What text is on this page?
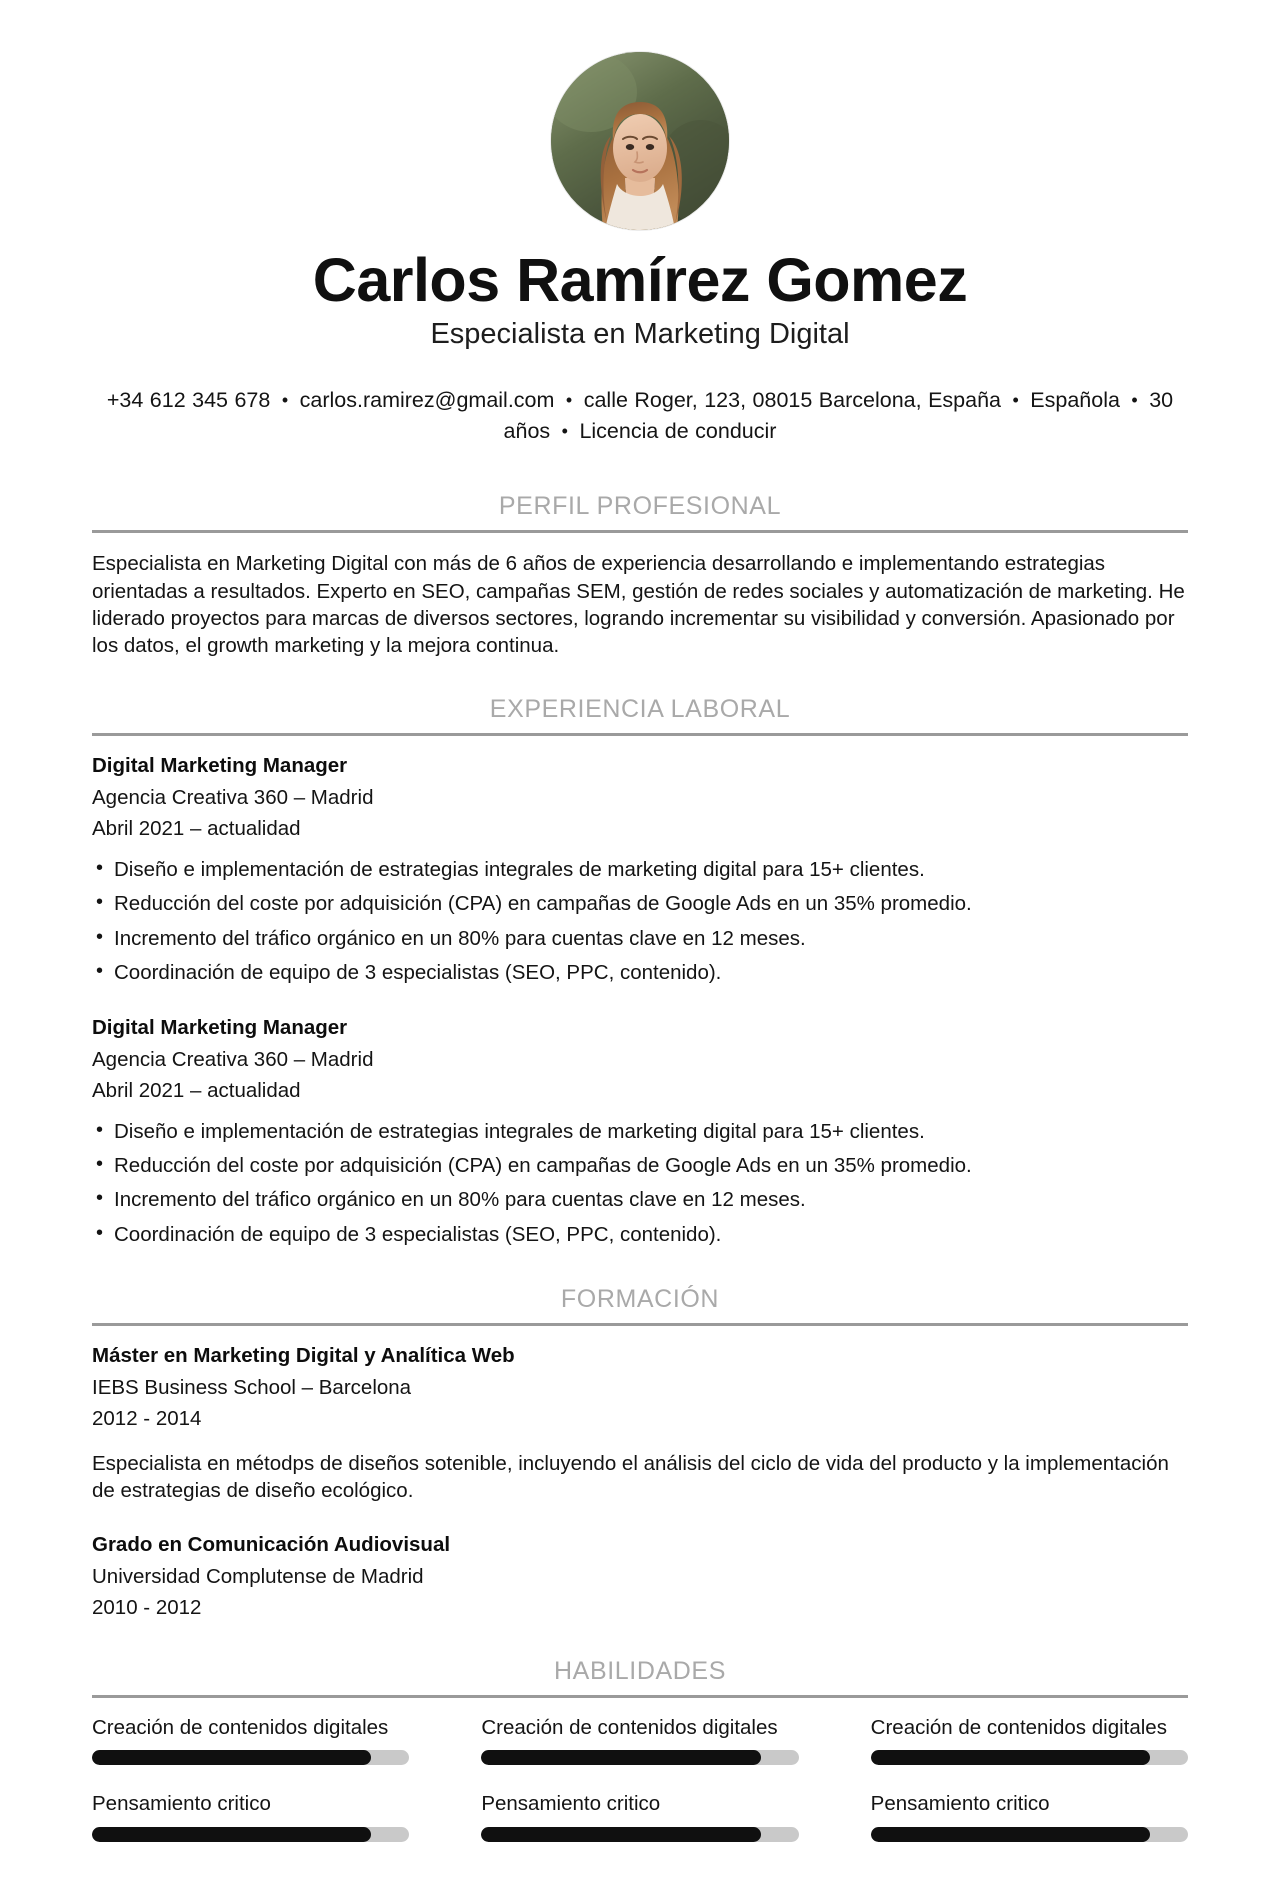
Carlos Ramírez Gomez
Especialista en Marketing Digital
+34 612 345 678 • carlos.ramirez@gmail.com • calle Roger, 123, 08015 Barcelona, España • Española • 30 años • Licencia de conducir
PERFIL PROFESIONAL

Especialista en Marketing Digital con más de 6 años de experiencia desarrollando e implementando estrategias orientadas a resultados. Experto en SEO, campañas SEM, gestión de redes sociales y automatización de marketing. He liderado proyectos para marcas de diversos sectores, logrando incrementar su visibilidad y conversión. Apasionado por los datos, el growth marketing y la mejora continua.

EXPERIENCIA LABORAL
Digital Marketing Manager
Agencia Creativa 360 – Madrid
Abril 2021 – actualidad
• Diseño e implementación de estrategias integrales de marketing digital para 15+ clientes.
• Reducción del coste por adquisición (CPA) en campañas de Google Ads en un 35% promedio.
• Incremento del tráfico orgánico en un 80% para cuentas clave en 12 meses.
• Coordinación de equipo de 3 especialistas (SEO, PPC, contenido).
Digital Marketing Manager
Agencia Creativa 360 – Madrid
Abril 2021 – actualidad
• Diseño e implementación de estrategias integrales de marketing digital para 15+ clientes.
• Reducción del coste por adquisición (CPA) en campañas de Google Ads en un 35% promedio.
• Incremento del tráfico orgánico en un 80% para cuentas clave en 12 meses.
• Coordinación de equipo de 3 especialistas (SEO, PPC, contenido).
FORMACIÓN
Máster en Marketing Digital y Analítica Web
IEBS Business School – Barcelona
2012 - 2014

Especialista en métodps de diseños sotenible, incluyendo el análisis del ciclo de vida del producto y la implementación de estrategias de diseño ecológico.

Grado en Comunicación Audiovisual
Universidad Complutense de Madrid
2010 - 2012
HABILIDADES
Creación de contenidos digitales	Creación de contenidos digitales	Creación de contenidos digitales
Pensamiento critico	Pensamiento critico	Pensamiento critico
